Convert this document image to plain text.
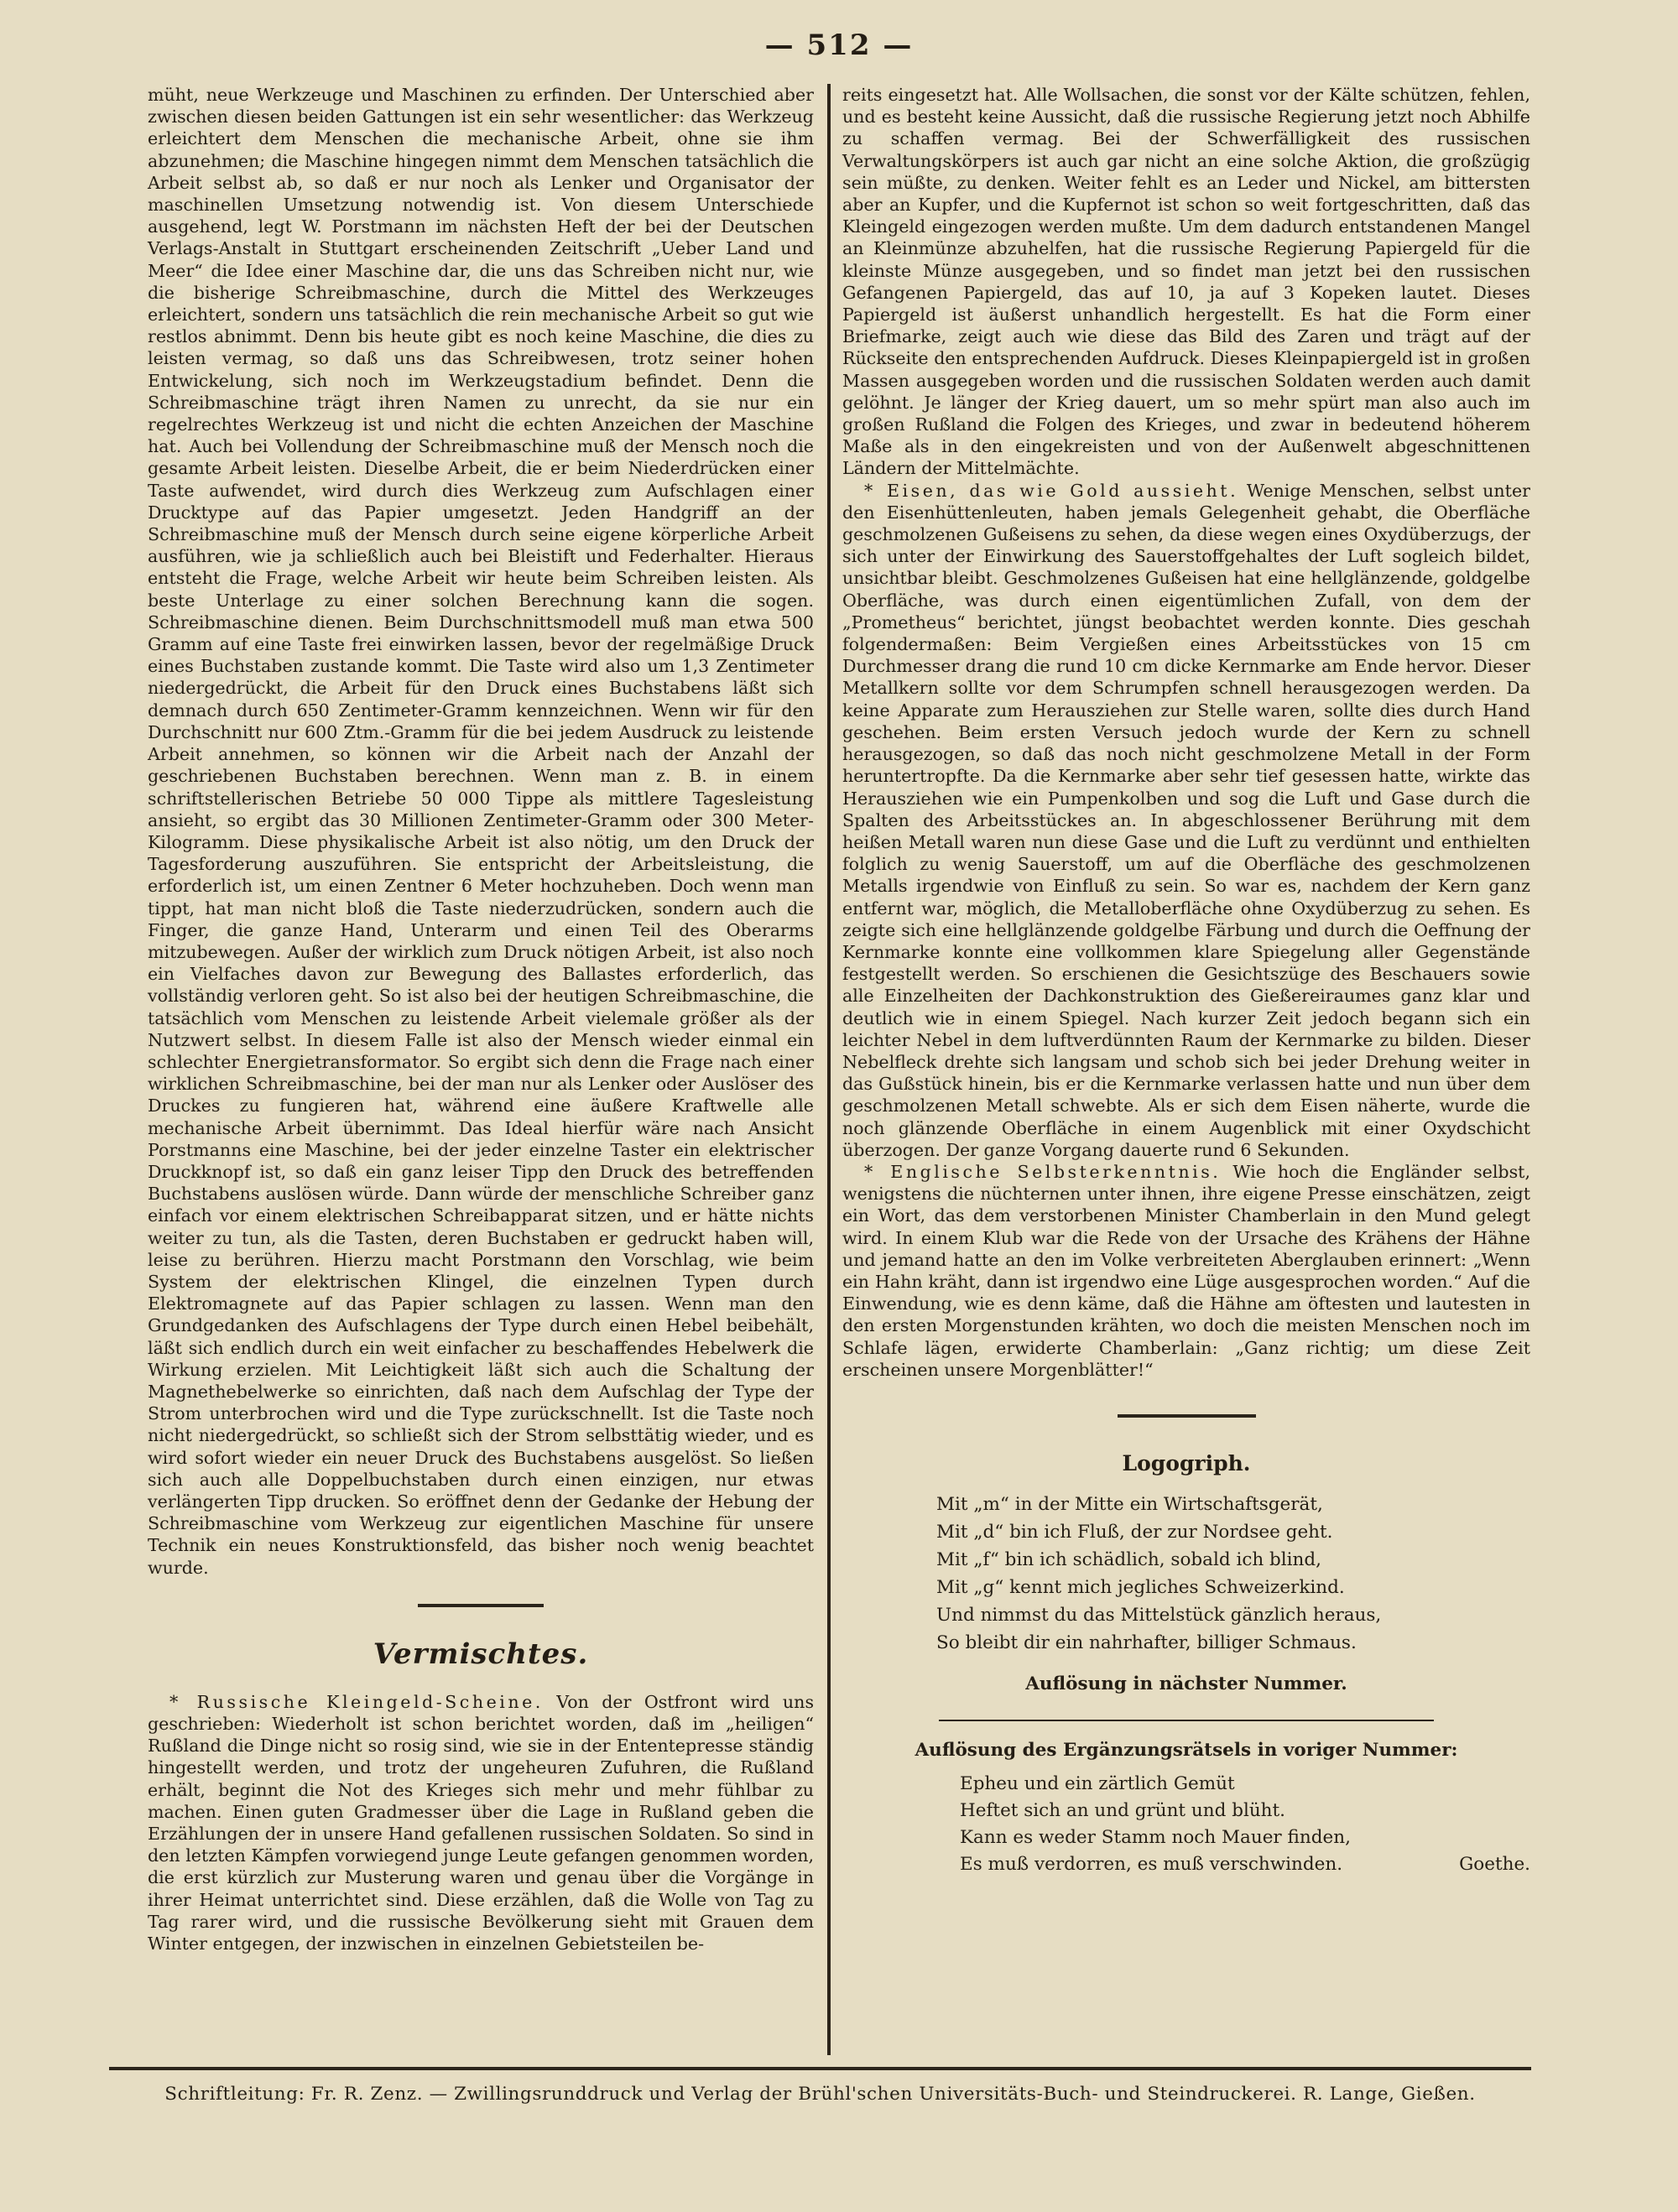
— 512 —

müht, neue Werkzeuge und Maschinen zu erfinden. Der Unterschied aber zwischen diesen beiden Gattungen ist ein sehr wesentlicher: das Werkzeug erleichtert dem Menschen die mechanische Arbeit, ohne sie ihm abzunehmen; die Maschine hingegen nimmt dem Menschen tatsächlich die Arbeit selbst ab, so daß er nur noch als Lenker und Organisator der maschinellen Umsetzung notwendig ist. Von diesem Unterschiede ausgehend, legt W. Porstmann im nächsten Heft der bei der Deutschen Verlags-Anstalt in Stuttgart erscheinenden Zeitschrift „Ueber Land und Meer“ die Idee einer Maschine dar, die uns das Schreiben nicht nur, wie die bisherige Schreibmaschine, durch die Mittel des Werkzeuges erleichtert, sondern uns tatsächlich die rein mechanische Arbeit so gut wie restlos abnimmt. Denn bis heute gibt es noch keine Maschine, die dies zu leisten vermag, so daß uns das Schreibwesen, trotz seiner hohen Entwickelung, sich noch im Werkzeugstadium befindet. Denn die Schreibmaschine trägt ihren Namen zu unrecht, da sie nur ein regelrechtes Werkzeug ist und nicht die echten Anzeichen der Maschine hat. Auch bei Vollendung der Schreibmaschine muß der Mensch noch die gesamte Arbeit leisten. Dieselbe Arbeit, die er beim Niederdrücken einer Taste aufwendet, wird durch dies Werkzeug zum Aufschlagen einer Drucktype auf das Papier umgesetzt. Jeden Handgriff an der Schreibmaschine muß der Mensch durch seine eigene körperliche Arbeit ausführen, wie ja schließlich auch bei Bleistift und Federhalter. Hieraus entsteht die Frage, welche Arbeit wir heute beim Schreiben leisten. Als beste Unterlage zu einer solchen Berechnung kann die sogen. Schreibmaschine dienen. Beim Durchschnittsmodell muß man etwa 500 Gramm auf eine Taste frei einwirken lassen, bevor der regelmäßige Druck eines Buchstaben zustande kommt. Die Taste wird also um 1,3 Zentimeter niedergedrückt, die Arbeit für den Druck eines Buchstabens läßt sich demnach durch 650 Zentimeter-Gramm kennzeichnen. Wenn wir für den Durchschnitt nur 600 Ztm.-Gramm für die bei jedem Ausdruck zu leistende Arbeit annehmen, so können wir die Arbeit nach der Anzahl der geschriebenen Buchstaben berechnen. Wenn man z. B. in einem schriftstellerischen Betriebe 50 000 Tippe als mittlere Tagesleistung ansieht, so ergibt das 30 Millionen Zentimeter-Gramm oder 300 Meter-Kilogramm. Diese physikalische Arbeit ist also nötig, um den Druck der Tagesforderung auszuführen. Sie entspricht der Arbeitsleistung, die erforderlich ist, um einen Zentner 6 Meter hochzuheben. Doch wenn man tippt, hat man nicht bloß die Taste niederzudrücken, sondern auch die Finger, die ganze Hand, Unterarm und einen Teil des Oberarms mitzubewegen. Außer der wirklich zum Druck nötigen Arbeit, ist also noch ein Vielfaches davon zur Bewegung des Ballastes erforderlich, das vollständig verloren geht. So ist also bei der heutigen Schreibmaschine, die tatsächlich vom Menschen zu leistende Arbeit vielemale größer als der Nutzwert selbst. In diesem Falle ist also der Mensch wieder einmal ein schlechter Energietransformator. So ergibt sich denn die Frage nach einer wirklichen Schreibmaschine, bei der man nur als Lenker oder Auslöser des Druckes zu fungieren hat, während eine äußere Kraftwelle alle mechanische Arbeit übernimmt. Das Ideal hierfür wäre nach Ansicht Porstmanns eine Maschine, bei der jeder einzelne Taster ein elektrischer Druckknopf ist, so daß ein ganz leiser Tipp den Druck des betreffenden Buchstabens auslösen würde. Dann würde der menschliche Schreiber ganz einfach vor einem elektrischen Schreibapparat sitzen, und er hätte nichts weiter zu tun, als die Tasten, deren Buchstaben er gedruckt haben will, leise zu berühren. Hierzu macht Porstmann den Vorschlag, wie beim System der elektrischen Klingel, die einzelnen Typen durch Elektromagnete auf das Papier schlagen zu lassen. Wenn man den Grundgedanken des Aufschlagens der Type durch einen Hebel beibehält, läßt sich endlich durch ein weit einfacher zu beschaffendes Hebelwerk die Wirkung erzielen. Mit Leichtigkeit läßt sich auch die Schaltung der Magnethebelwerke so einrichten, daß nach dem Aufschlag der Type der Strom unterbrochen wird und die Type zurückschnellt. Ist die Taste noch nicht niedergedrückt, so schließt sich der Strom selbsttätig wieder, und es wird sofort wieder ein neuer Druck des Buchstabens ausgelöst. So ließen sich auch alle Doppelbuchstaben durch einen einzigen, nur etwas verlängerten Tipp drucken. So eröffnet denn der Gedanke der Hebung der Schreibmaschine vom Werkzeug zur eigentlichen Maschine für unsere Technik ein neues Konstruktionsfeld, das bisher noch wenig beachtet wurde.

Vermischtes.

* Russische Kleingeld-Scheine. Von der Ostfront wird uns geschrieben: Wiederholt ist schon berichtet worden, daß im „heiligen“ Rußland die Dinge nicht so rosig sind, wie sie in der Ententepresse ständig hingestellt werden, und trotz der ungeheuren Zufuhren, die Rußland erhält, beginnt die Not des Krieges sich mehr und mehr fühlbar zu machen. Einen guten Gradmesser über die Lage in Rußland geben die Erzählungen der in unsere Hand gefallenen russischen Soldaten. So sind in den letzten Kämpfen vorwiegend junge Leute gefangen genommen worden, die erst kürzlich zur Musterung waren und genau über die Vorgänge in ihrer Heimat unterrichtet sind. Diese erzählen, daß die Wolle von Tag zu Tag rarer wird, und die russische Bevölkerung sieht mit Grauen dem Winter entgegen, der inzwischen in einzelnen Gebietsteilen be-

reits eingesetzt hat. Alle Wollsachen, die sonst vor der Kälte schützen, fehlen, und es besteht keine Aussicht, daß die russische Regierung jetzt noch Abhilfe zu schaffen vermag. Bei der Schwerfälligkeit des russischen Verwaltungskörpers ist auch gar nicht an eine solche Aktion, die großzügig sein müßte, zu denken. Weiter fehlt es an Leder und Nickel, am bittersten aber an Kupfer, und die Kupfernot ist schon so weit fortgeschritten, daß das Kleingeld eingezogen werden mußte. Um dem dadurch entstandenen Mangel an Kleinmünze abzuhelfen, hat die russische Regierung Papiergeld für die kleinste Münze ausgegeben, und so findet man jetzt bei den russischen Gefangenen Papiergeld, das auf 10, ja auf 3 Kopeken lautet. Dieses Papiergeld ist äußerst unhandlich hergestellt. Es hat die Form einer Briefmarke, zeigt auch wie diese das Bild des Zaren und trägt auf der Rückseite den entsprechenden Aufdruck. Dieses Kleinpapiergeld ist in großen Massen ausgegeben worden und die russischen Soldaten werden auch damit gelöhnt. Je länger der Krieg dauert, um so mehr spürt man also auch im großen Rußland die Folgen des Krieges, und zwar in bedeutend höherem Maße als in den eingekreisten und von der Außenwelt abgeschnittenen Ländern der Mittelmächte.

* Eisen, das wie Gold aussieht. Wenige Menschen, selbst unter den Eisenhüttenleuten, haben jemals Gelegenheit gehabt, die Oberfläche geschmolzenen Gußeisens zu sehen, da diese wegen eines Oxydüberzugs, der sich unter der Einwirkung des Sauerstoffgehaltes der Luft sogleich bildet, unsichtbar bleibt. Geschmolzenes Gußeisen hat eine hellglänzende, goldgelbe Oberfläche, was durch einen eigentümlichen Zufall, von dem der „Prometheus“ berichtet, jüngst beobachtet werden konnte. Dies geschah folgendermaßen: Beim Vergießen eines Arbeitsstückes von 15 cm Durchmesser drang die rund 10 cm dicke Kernmarke am Ende hervor. Dieser Metallkern sollte vor dem Schrumpfen schnell herausgezogen werden. Da keine Apparate zum Herausziehen zur Stelle waren, sollte dies durch Hand geschehen. Beim ersten Versuch jedoch wurde der Kern zu schnell herausgezogen, so daß das noch nicht geschmolzene Metall in der Form heruntertropfte. Da die Kernmarke aber sehr tief gesessen hatte, wirkte das Herausziehen wie ein Pumpenkolben und sog die Luft und Gase durch die Spalten des Arbeitsstückes an. In abgeschlossener Berührung mit dem heißen Metall waren nun diese Gase und die Luft zu verdünnt und enthielten folglich zu wenig Sauerstoff, um auf die Oberfläche des geschmolzenen Metalls irgendwie von Einfluß zu sein. So war es, nachdem der Kern ganz entfernt war, möglich, die Metalloberfläche ohne Oxydüberzug zu sehen. Es zeigte sich eine hellglänzende goldgelbe Färbung und durch die Oeffnung der Kernmarke konnte eine vollkommen klare Spiegelung aller Gegenstände festgestellt werden. So erschienen die Gesichtszüge des Beschauers sowie alle Einzelheiten der Dachkonstruktion des Gießereiraumes ganz klar und deutlich wie in einem Spiegel. Nach kurzer Zeit jedoch begann sich ein leichter Nebel in dem luftverdünnten Raum der Kernmarke zu bilden. Dieser Nebelfleck drehte sich langsam und schob sich bei jeder Drehung weiter in das Gußstück hinein, bis er die Kernmarke verlassen hatte und nun über dem geschmolzenen Metall schwebte. Als er sich dem Eisen näherte, wurde die noch glänzende Oberfläche in einem Augenblick mit einer Oxydschicht überzogen. Der ganze Vorgang dauerte rund 6 Sekunden.

* Englische Selbsterkenntnis. Wie hoch die Engländer selbst, wenigstens die nüchternen unter ihnen, ihre eigene Presse einschätzen, zeigt ein Wort, das dem verstorbenen Minister Chamberlain in den Mund gelegt wird. In einem Klub war die Rede von der Ursache des Krähens der Hähne und jemand hatte an den im Volke verbreiteten Aberglauben erinnert: „Wenn ein Hahn kräht, dann ist irgendwo eine Lüge ausgesprochen worden.“ Auf die Einwendung, wie es denn käme, daß die Hähne am öftesten und lautesten in den ersten Morgenstunden krähten, wo doch die meisten Menschen noch im Schlafe lägen, erwiderte Chamberlain: „Ganz richtig; um diese Zeit erscheinen unsere Morgenblätter!“

Logogriph.
Mit „m“ in der Mitte ein Wirtschaftsgerät,
Mit „d“ bin ich Fluß, der zur Nordsee geht.
Mit „f“ bin ich schädlich, sobald ich blind,
Mit „g“ kennt mich jegliches Schweizerkind.
Und nimmst du das Mittelstück gänzlich heraus,
So bleibt dir ein nahrhafter, billiger Schmaus.
Auflösung in nächster Nummer.
Auflösung des Ergänzungsrätsels in voriger Nummer:
Epheu und ein zärtlich Gemüt
Heftet sich an und grünt und blüht.
Kann es weder Stamm noch Mauer finden,
Es muß verdorren, es muß verschwinden.	Goethe.
Schriftleitung: Fr. R. Zenz. — Zwillingsrunddruck und Verlag der Brühl'schen Universitäts-Buch- und Steindruckerei. R. Lange, Gießen.
